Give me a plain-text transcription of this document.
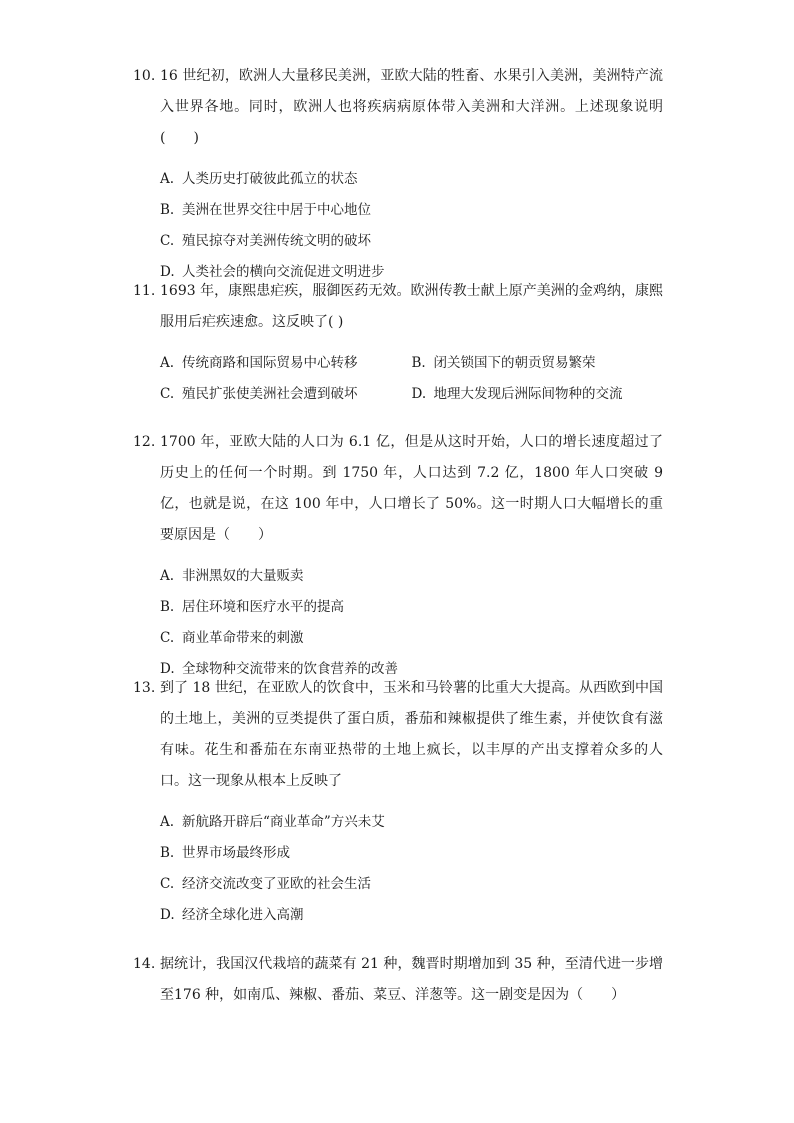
10. 16 世纪初，欧洲人大量移民美洲，亚欧大陆的牲畜、水果引入美洲，美洲特产流入世界各地。同时，欧洲人也将疾病病原体带入美洲和大洋洲。上述现象说明(　　)
A. 人类历史打破彼此孤立的状态
B. 美洲在世界交往中居于中心地位
C. 殖民掠夺对美洲传统文明的破坏
D. 人类社会的横向交流促进文明进步
11. 1693 年，康熙患疟疾，服御医药无效。欧洲传教士献上原产美洲的金鸡纳，康熙服用后疟疾速愈。这反映了( )
A. 传统商路和国际贸易中心转移	B. 闭关锁国下的朝贡贸易繁荣
C. 殖民扩张使美洲社会遭到破坏	D. 地理大发现后洲际间物种的交流
12. 1700 年，亚欧大陆的人口为 6.1 亿，但是从这时开始，人口的增长速度超过了历史上的任何一个时期。到 1750 年，人口达到 7.2 亿，1800 年人口突破 9 亿，也就是说，在这 100 年中，人口增长了 50%。这一时期人口大幅增长的重要原因是（　　）
A. 非洲黑奴的大量贩卖
B. 居住环境和医疗水平的提高
C. 商业革命带来的刺激
D. 全球物种交流带来的饮食营养的改善
13. 到了 18 世纪，在亚欧人的饮食中，玉米和马铃薯的比重大大提高。从西欧到中国的土地上，美洲的豆类提供了蛋白质，番茄和辣椒提供了维生素，并使饮食有滋有味。花生和番茄在东南亚热带的土地上疯长，以丰厚的产出支撑着众多的人口。这一现象从根本上反映了
A. 新航路开辟后“商业革命”方兴未艾
B. 世界市场最终形成
C. 经济交流改变了亚欧的社会生活
D. 经济全球化进入高潮
14. 据统计，我国汉代栽培的蔬菜有 21 种，魏晋时期增加到 35 种，至清代进一步增至176 种，如南瓜、辣椒、番茄、菜豆、洋葱等。这一剧变是因为（　　）
